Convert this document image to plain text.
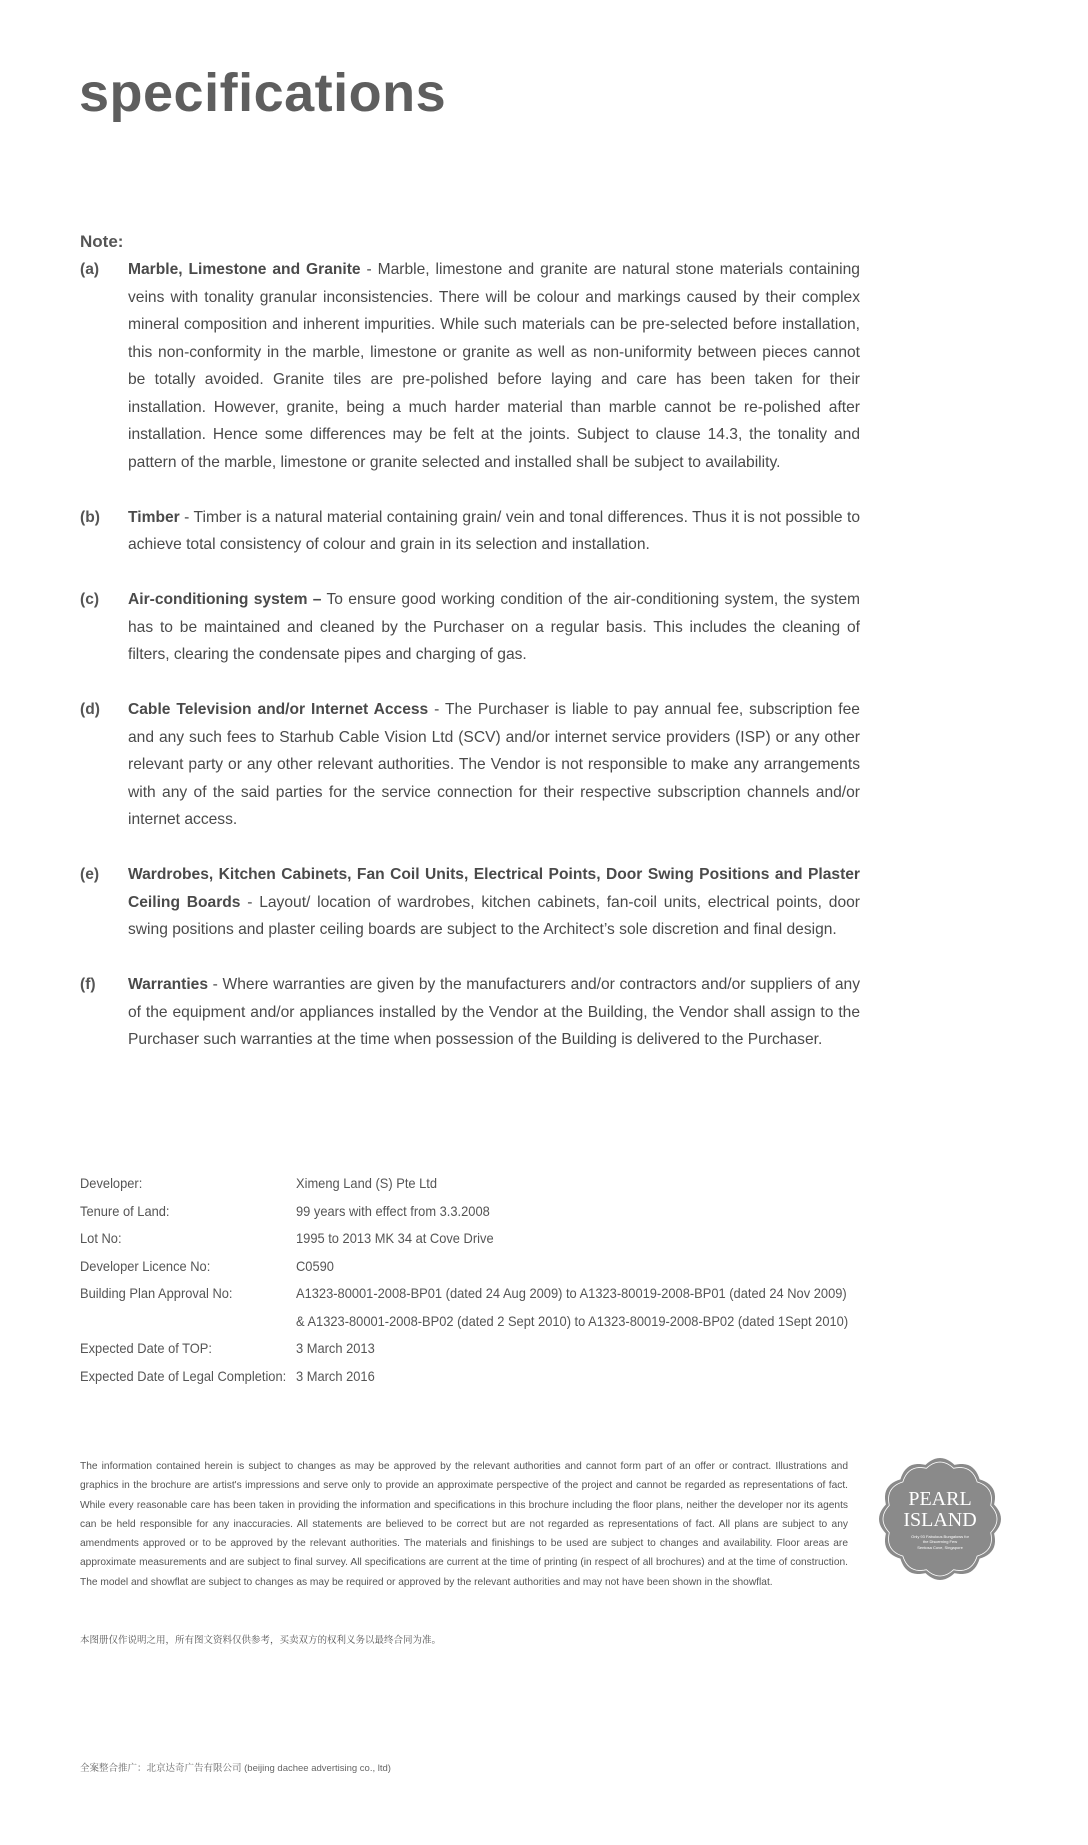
specifications
Note:
(a) Marble, Limestone and Granite - Marble, limestone and granite are natural stone materials containing veins with tonality granular inconsistencies. There will be colour and markings caused by their complex mineral composition and inherent impurities. While such materials can be pre-selected before installation, this non-conformity in the marble, limestone or granite as well as non-uniformity between pieces cannot be totally avoided. Granite tiles are pre-polished before laying and care has been taken for their installation. However, granite, being a much harder material than marble cannot be re-polished after installation. Hence some differences may be felt at the joints. Subject to clause 14.3, the tonality and pattern of the marble, limestone or granite selected and installed shall be subject to availability.
(b) Timber - Timber is a natural material containing grain/ vein and tonal differences. Thus it is not possible to achieve total consistency of colour and grain in its selection and installation.
(c) Air-conditioning system – To ensure good working condition of the air-conditioning system, the system has to be maintained and cleaned by the Purchaser on a regular basis. This includes the cleaning of filters, clearing the condensate pipes and charging of gas.
(d) Cable Television and/or Internet Access - The Purchaser is liable to pay annual fee, subscription fee and any such fees to Starhub Cable Vision Ltd (SCV) and/or internet service providers (ISP) or any other relevant party or any other relevant authorities. The Vendor is not responsible to make any arrangements with any of the said parties for the service connection for their respective subscription channels and/or internet access.
(e) Wardrobes, Kitchen Cabinets, Fan Coil Units, Electrical Points, Door Swing Positions and Plaster Ceiling Boards - Layout/ location of wardrobes, kitchen cabinets, fan-coil units, electrical points, door swing positions and plaster ceiling boards are subject to the Architect’s sole discretion and final design.
(f) Warranties - Where warranties are given by the manufacturers and/or contractors and/or suppliers of any of the equipment and/or appliances installed by the Vendor at the Building, the Vendor shall assign to the Purchaser such warranties at the time when possession of the Building is delivered to the Purchaser.
Developer:	Ximeng Land (S) Pte Ltd
Tenure of Land:	99 years with effect from 3.3.2008
Lot No:	1995 to 2013 MK 34 at Cove Drive
Developer Licence No:	C0590
Building Plan Approval No:	A1323-80001-2008-BP01 (dated 24 Aug 2009) to A1323-80019-2008-BP01 (dated 24 Nov 2009)
& A1323-80001-2008-BP02 (dated 2 Sept 2010) to A1323-80019-2008-BP02 (dated 1Sept 2010)
Expected Date of TOP:	3 March 2013
Expected Date of Legal Completion: 3 March 2016
The information contained herein is subject to changes as may be approved by the relevant authorities and cannot form part of an offer or contract. Illustrations and graphics in the brochure are artist's impressions and serve only to provide an approximate perspective of the project and cannot be regarded as representations of fact. While every reasonable care has been taken in providing the information and specifications in this brochure including the floor plans, neither the developer nor its agents can be held responsible for any inaccuracies. All statements are believed to be correct but are not regarded as representations of fact. All plans are subject to any amendments approved or to be approved by the relevant authorities. The materials and finishings to be used are subject to changes and availability. Floor areas are approximate measurements and are subject to final survey. All specifications are current at the time of printing (in respect of all brochures) and at the time of construction. The model and showflat are subject to changes as may be required or approved by the relevant authorities and may not have been shown in the showflat.
PEARL
ISLAND
Only 93 Fabulous Bungalows for
the Discerning Few
Sentosa Cove, Singapore
本图册仅作说明之用，所有图文资料仅供参考，买卖双方的权利义务以最终合同为准。
全案整合推广：北京达奇广告有限公司 (beijing dachee advertising co., ltd)
